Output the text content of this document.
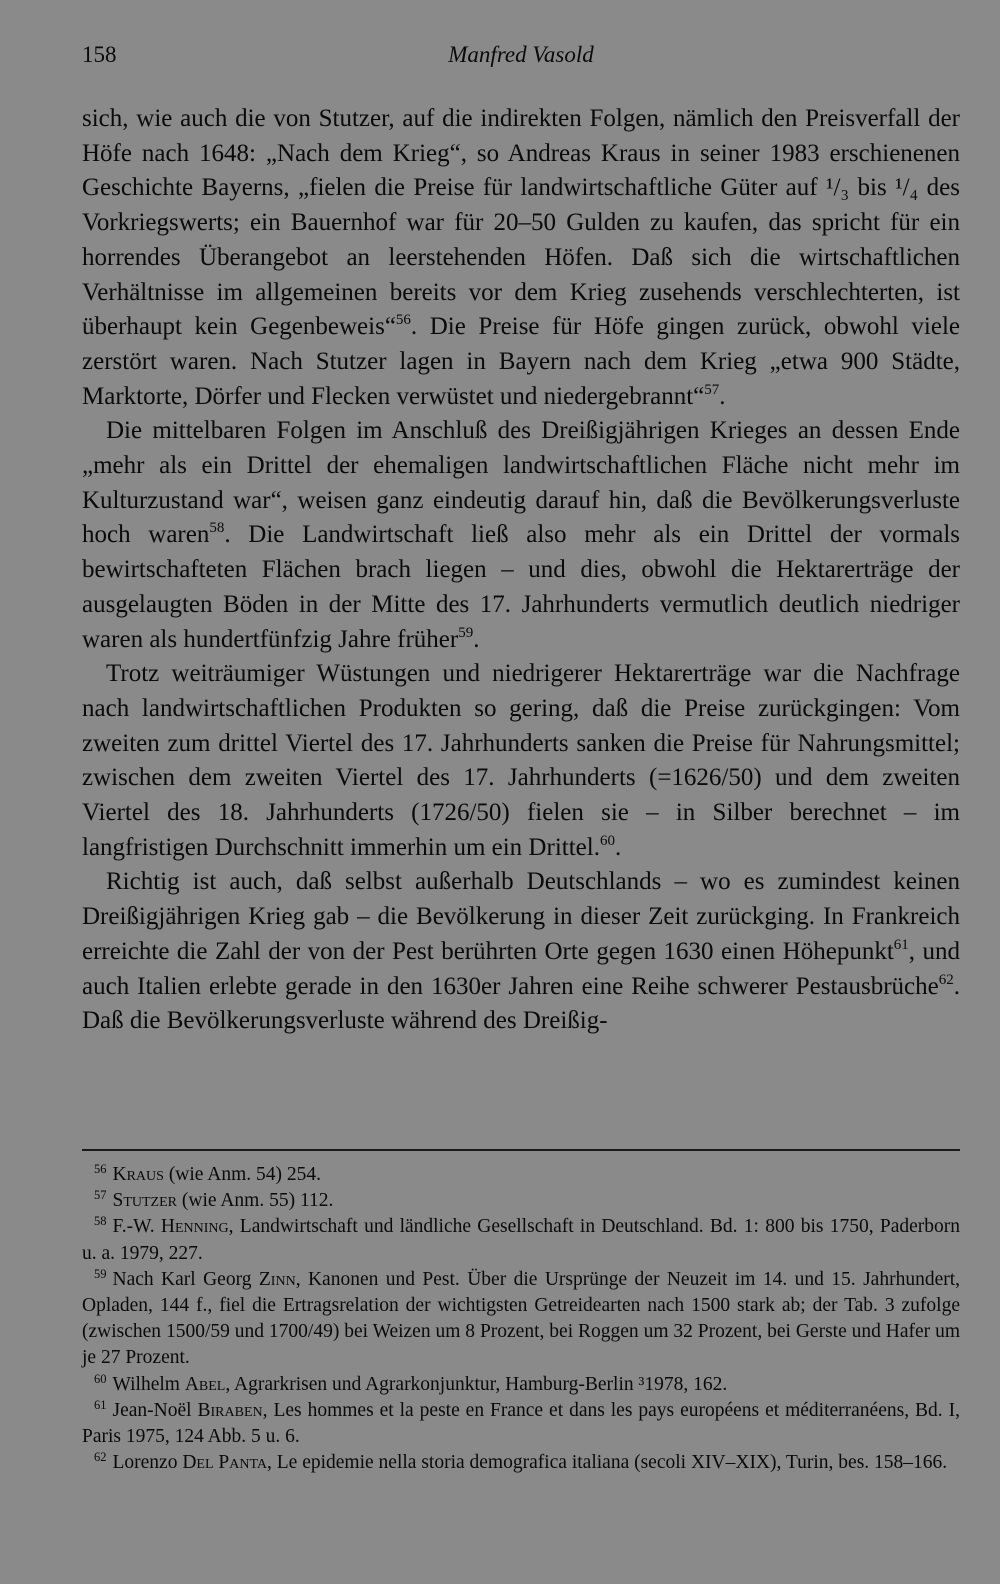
158	Manfred Vasold

sich, wie auch die von Stutzer, auf die indirekten Folgen, nämlich den Preisverfall der Höfe nach 1648: „Nach dem Krieg“, so Andreas Kraus in seiner 1983 erschienenen Geschichte Bayerns, „fielen die Preise für landwirtschaftliche Güter auf ¹/₃ bis ¹/₄ des Vorkriegswerts; ein Bauernhof war für 20–50 Gulden zu kaufen, das spricht für ein horrendes Überangebot an leerstehenden Höfen. Daß sich die wirtschaftlichen Verhältnisse im allgemeinen bereits vor dem Krieg zusehends verschlechterten, ist überhaupt kein Gegenbeweis“$^{56}$. Die Preise für Höfe gingen zurück, obwohl viele zerstört waren. Nach Stutzer lagen in Bayern nach dem Krieg „etwa 900 Städte, Marktorte, Dörfer und Flecken verwüstet und niedergebrannt“$^{57}$.

Die mittelbaren Folgen im Anschluß des Dreißigjährigen Krieges an dessen Ende „mehr als ein Drittel der ehemaligen landwirtschaftlichen Fläche nicht mehr im Kulturzustand war“, weisen ganz eindeutig darauf hin, daß die Bevölkerungsverluste hoch waren$^{58}$. Die Landwirtschaft ließ also mehr als ein Drittel der vormals bewirtschafteten Flächen brach liegen – und dies, obwohl die Hektarerträge der ausgelaugten Böden in der Mitte des 17. Jahrhunderts vermutlich deutlich niedriger waren als hundertfünfzig Jahre früher$^{59}$.

Trotz weiträumiger Wüstungen und niedrigerer Hektarerträge war die Nachfrage nach landwirtschaftlichen Produkten so gering, daß die Preise zurückgingen: Vom zweiten zum drittel Viertel des 17. Jahrhunderts sanken die Preise für Nahrungsmittel; zwischen dem zweiten Viertel des 17. Jahrhunderts (=1626/50) und dem zweiten Viertel des 18. Jahrhunderts (1726/50) fielen sie – in Silber berechnet – im langfristigen Durchschnitt immerhin um ein Drittel.$^{60}$.

Richtig ist auch, daß selbst außerhalb Deutschlands – wo es zumindest keinen Dreißigjährigen Krieg gab – die Bevölkerung in dieser Zeit zurückging. In Frankreich erreichte die Zahl der von der Pest berührten Orte gegen 1630 einen Höhepunkt$^{61}$, und auch Italien erlebte gerade in den 1630er Jahren eine Reihe schwerer Pestausbrüche$^{62}$. Daß die Bevölkerungsverluste während des Dreißig-

$^{56}$ Kraus (wie Anm. 54) 254.

$^{57}$ Stutzer (wie Anm. 55) 112.

$^{58}$ F.-W. Henning, Landwirtschaft und ländliche Gesellschaft in Deutschland. Bd. 1: 800 bis 1750, Paderborn u. a. 1979, 227.

$^{59}$ Nach Karl Georg Zinn, Kanonen und Pest. Über die Ursprünge der Neuzeit im 14. und 15. Jahrhundert, Opladen, 144 f., fiel die Ertragsrelation der wichtigsten Getreidearten nach 1500 stark ab; der Tab. 3 zufolge (zwischen 1500/59 und 1700/49) bei Weizen um 8 Prozent, bei Roggen um 32 Prozent, bei Gerste und Hafer um je 27 Prozent.

$^{60}$ Wilhelm Abel, Agrarkrisen und Agrarkonjunktur, Hamburg-Berlin ³1978, 162.

$^{61}$ Jean-Noël Biraben, Les hommes et la peste en France et dans les pays européens et méditerranéens, Bd. I, Paris 1975, 124 Abb. 5 u. 6.

$^{62}$ Lorenzo Del Panta, Le epidemie nella storia demografica italiana (secoli XIV–XIX), Turin, bes. 158–166.
